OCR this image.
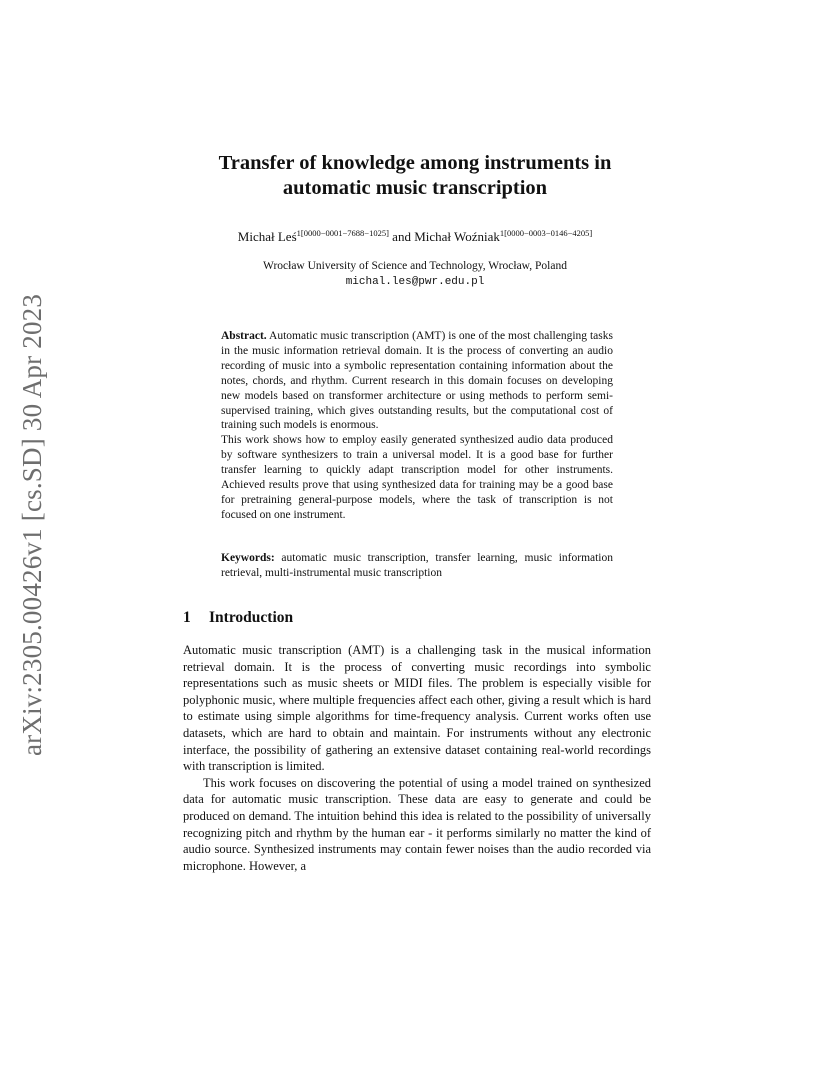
arXiv:2305.00426v1 [cs.SD] 30 Apr 2023
Transfer of knowledge among instruments in
automatic music transcription
Michał Leś$^{1[0000-0001-7688-1025]}$ and Michał Woźniak$^{1[0000-0003-0146-4205]}$
Wrocław University of Science and Technology, Wrocław, Poland
michal.les@pwr.edu.pl

Abstract. Automatic music transcription (AMT) is one of the most challenging tasks in the music information retrieval domain. It is the process of converting an audio recording of music into a symbolic representation containing information about the notes, chords, and rhythm. Current research in this domain focuses on developing new models based on transformer architecture or using methods to perform semi-supervised training, which gives outstanding results, but the computational cost of training such models is enormous.

This work shows how to employ easily generated synthesized audio data produced by software synthesizers to train a universal model. It is a good base for further transfer learning to quickly adapt transcription model for other instruments. Achieved results prove that using synthesized data for training may be a good base for pretraining general-purpose models, where the task of transcription is not focused on one instrument.

Keywords: automatic music transcription, transfer learning, music information retrieval, multi-instrumental music transcription
1 Introduction

Automatic music transcription (AMT) is a challenging task in the musical information retrieval domain. It is the process of converting music recordings into symbolic representations such as music sheets or MIDI files. The problem is especially visible for polyphonic music, where multiple frequencies affect each other, giving a result which is hard to estimate using simple algorithms for time-frequency analysis. Current works often use datasets, which are hard to obtain and maintain. For instruments without any electronic interface, the possibility of gathering an extensive dataset containing real-world recordings with transcription is limited.

This work focuses on discovering the potential of using a model trained on synthesized data for automatic music transcription. These data are easy to generate and could be produced on demand. The intuition behind this idea is related to the possibility of universally recognizing pitch and rhythm by the human ear - it performs similarly no matter the kind of audio source. Synthesized instruments may contain fewer noises than the audio recorded via microphone. However, a
